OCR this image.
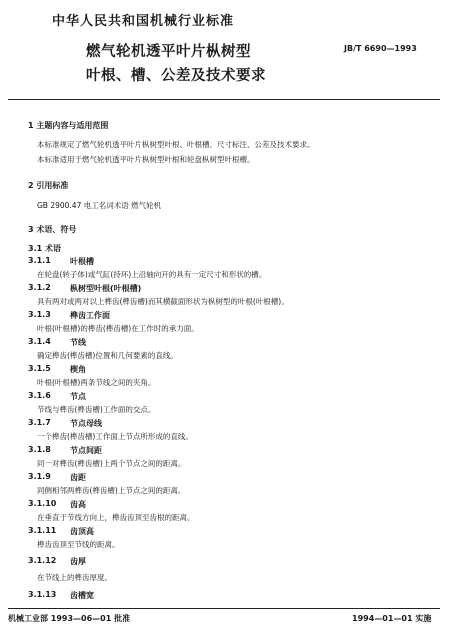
中华人民共和国机械行业标准
燃气轮机透平叶片枞树型
叶根、槽、公差及技术要求
JB/T 6690—1993
1 主题内容与适用范围
本标准规定了燃气轮机透平叶片枞树型叶根、叶根槽、尺寸标注、公差及技术要求。
本标准适用于燃气轮机透平叶片枞树型叶根和轮盘枞树型叶根槽。
2 引用标准
GB 2900.47 电工名词术语 燃气轮机
3 术语、符号
3.1 术语
3.1.1 叶根槽
在轮盘(转子体)或气缸(持环)上沿轴向开的具有一定尺寸和形状的槽。
3.1.2 枞树型叶根(叶根槽)
具有两对或两对以上榫齿(榫齿槽)而其横截面形状为枞树型的叶根(叶根槽)。
3.1.3 榫齿工作面
叶根(叶根槽)的榫齿(榫齿槽)在工作时的承力面。
3.1.4 节线
确定榫齿(榫齿槽)位置和几何要素的直线。
3.1.5 楔角
叶根(叶根槽)两条节线之间的夹角。
3.1.6 节点
节线与榫齿(榫齿槽)工作面的交点。
3.1.7 节点母线
一个榫齿(榫齿槽)工作面上节点所形成的直线。
3.1.8 节点间距
同一对榫齿(榫齿槽)上两个节点之间的距离。
3.1.9 齿距
同侧相邻两榫齿(榫齿槽)上节点之间的距离。
3.1.10 齿高
在垂直于节线方向上，榫齿齿顶至齿根的距离。
3.1.11 齿顶高
榫齿齿顶至节线的距离。
3.1.12 齿厚
在节线上的榫齿厚度。
3.1.13 齿槽宽
机械工业部 1993—06—01 批准	1994—01—01 实施
